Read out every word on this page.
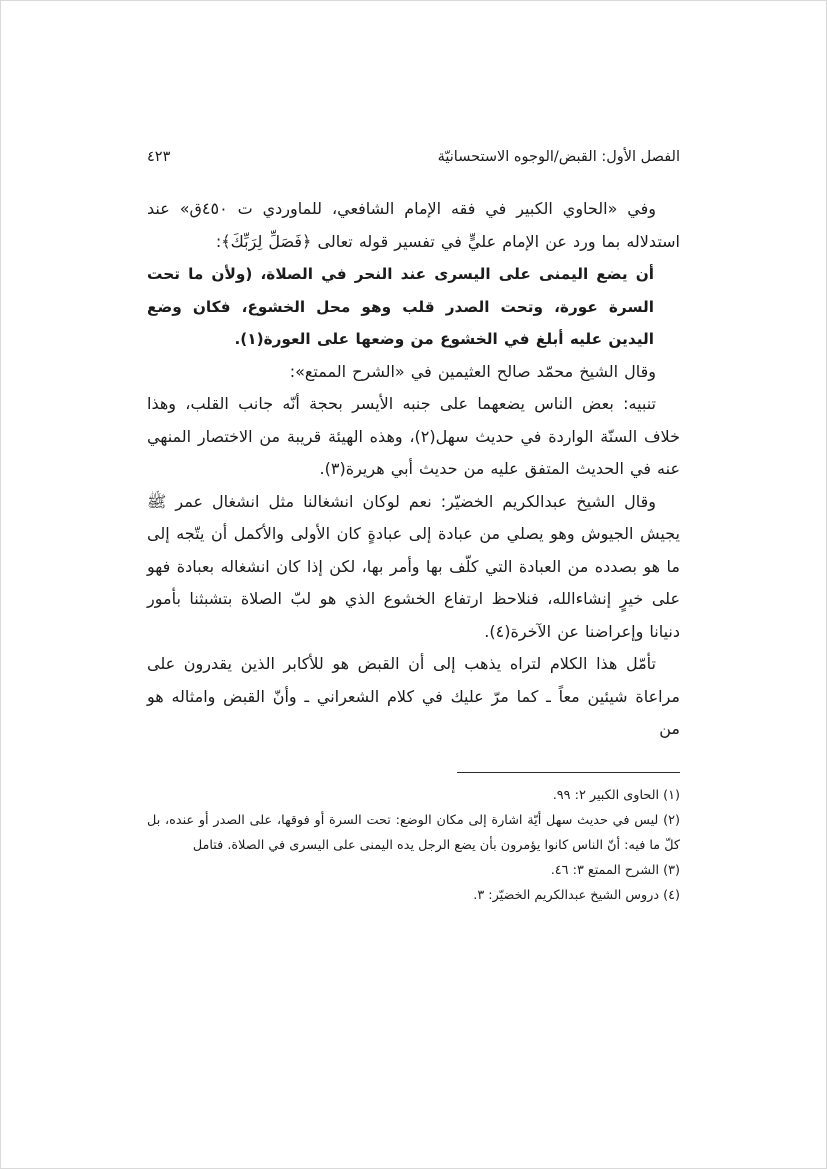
الفصل الأول: القبض/الوجوه الاستحسانيّة
٤٢٣

وفي «الحاوي الكبير في فقه الإمام الشافعي، للماوردي ت ٤٥٠ق» عند استدلاله بما ورد عن الإمام عليٍّ في تفسير قوله تعالى ﴿فَصَلِّ لِرَبِّكَ﴾:

أن يضع اليمنى على اليسرى عند النحر في الصلاة، (ولأن ما تحت السرة عورة، وتحت الصدر قلب وهو محل الخشوع، فكان وضع اليدين عليه أبلغ في الخشوع من وضعها على العورة(١).

وقال الشيخ محمّد صالح العثيمين في «الشرح الممتع»:

تنبيه: بعض الناس يضعهما على جنبه الأيسر بحجة أنّه جانب القلب، وهذا خلاف السنّة الواردة في حديث سهل(٢)، وهذه الهيئة قريبة من الاختصار المنهي عنه في الحديث المتفق عليه من حديث أبي هريرة(٣).

وقال الشيخ عبدالكريم الخضيّر: نعم لوكان انشغالنا مثل انشغال عمر ﷺ يجيش الجيوش وهو يصلي من عبادة إلى عبادةٍ كان الأولى والأكمل أن يتّجه إلى ما هو بصدده من العبادة التي كلّف بها وأمر بها، لكن إذا كان انشغاله بعبادة فهو على خيرٍ إنشاءالله، فنلاحظ ارتفاع الخشوع الذي هو لبّ الصلاة بتشبثنا بأمور دنيانا وإعراضنا عن الآخرة(٤).

تأمّل هذا الكلام لتراه يذهب إلى أن القبض هو للأكابر الذين يقدرون على مراعاة شيئين معاً ـ كما مرّ عليك في كلام الشعراني ـ وأنّ القبض وامثاله هو من

(١) الحاوى الكبير ٢: ٩٩.

(٢) ليس في حديث سهل أيّة اشارة إلى مكان الوضع: تحت السرة أو فوقها، على الصدر أو عنده، بل كلّ ما فيه: أنّ الناس كانوا يؤمرون بأن يضع الرجل يده اليمنى على اليسرى في الصلاة. فتامل

(٣) الشرح الممتع ٣: ٤٦.

(٤) دروس الشيخ عبدالكريم الخضيّر: ٣.
